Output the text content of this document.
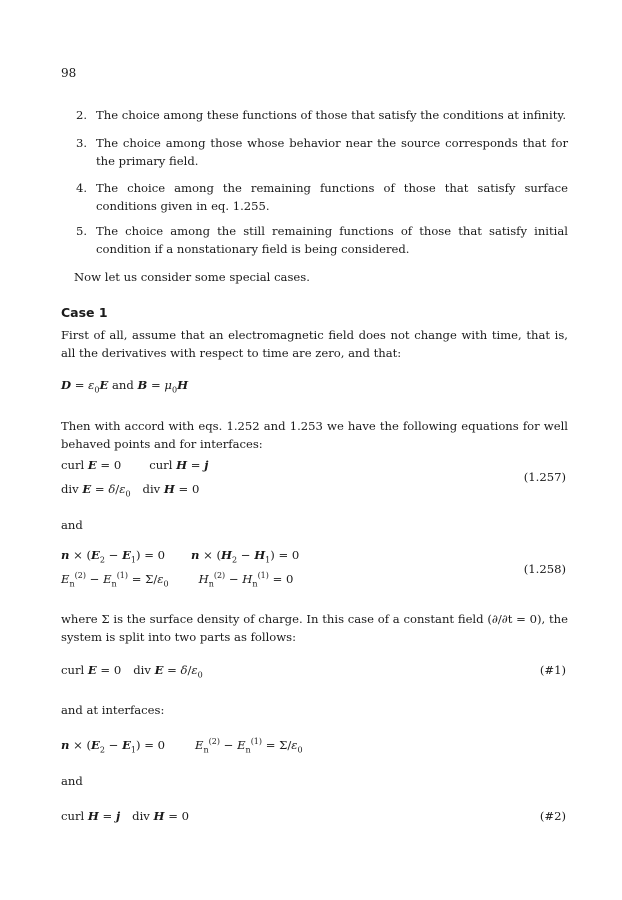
98
2. The choice among these functions of those that satisfy the conditions at infinity.
3. The choice among those whose behavior near the source corresponds that for the primary field.
4. The choice among the remaining functions of those that satisfy surface conditions given in eq. 1.255.
5. The choice among the still remaining functions of those that satisfy initial condition if a nonstationary field is being considered.
Now let us consider some special cases.
Case 1
First of all, assume that an electromagnetic field does not change with time, that is, all the derivatives with respect to time are zero, and that:
$D = \varepsilon_0E$ and $B = \mu_0H$
Then with accord with eqs. 1.252 and 1.253 we have the following equations for well behaved points and for interfaces:
curl E = 0 curl H = j
div $E = \delta/\varepsilon_0$ div H = 0
(1.257)
and
$n \times (E_2 - E_1) = 0$ $n \times (H_2 - H_1) = 0$
$E_n^{(2)} - E_n^{(1)} = \Sigma/\varepsilon_0$	$H_n^{(2)} - H_n^{(1)} = 0$
(1.258)
where Σ is the surface density of charge. In this case of a constant field (∂/∂t = 0), the system is split into two parts as follows:
curl E = 0 div $E = \delta/\varepsilon_0$	(#1)
and at interfaces:
$n \times (E_2 - E_1) = 0$	$E_n^{(2)} - E_n^{(1)} = \Sigma/\varepsilon_0$
and
curl H = j div H = 0	(#2)
